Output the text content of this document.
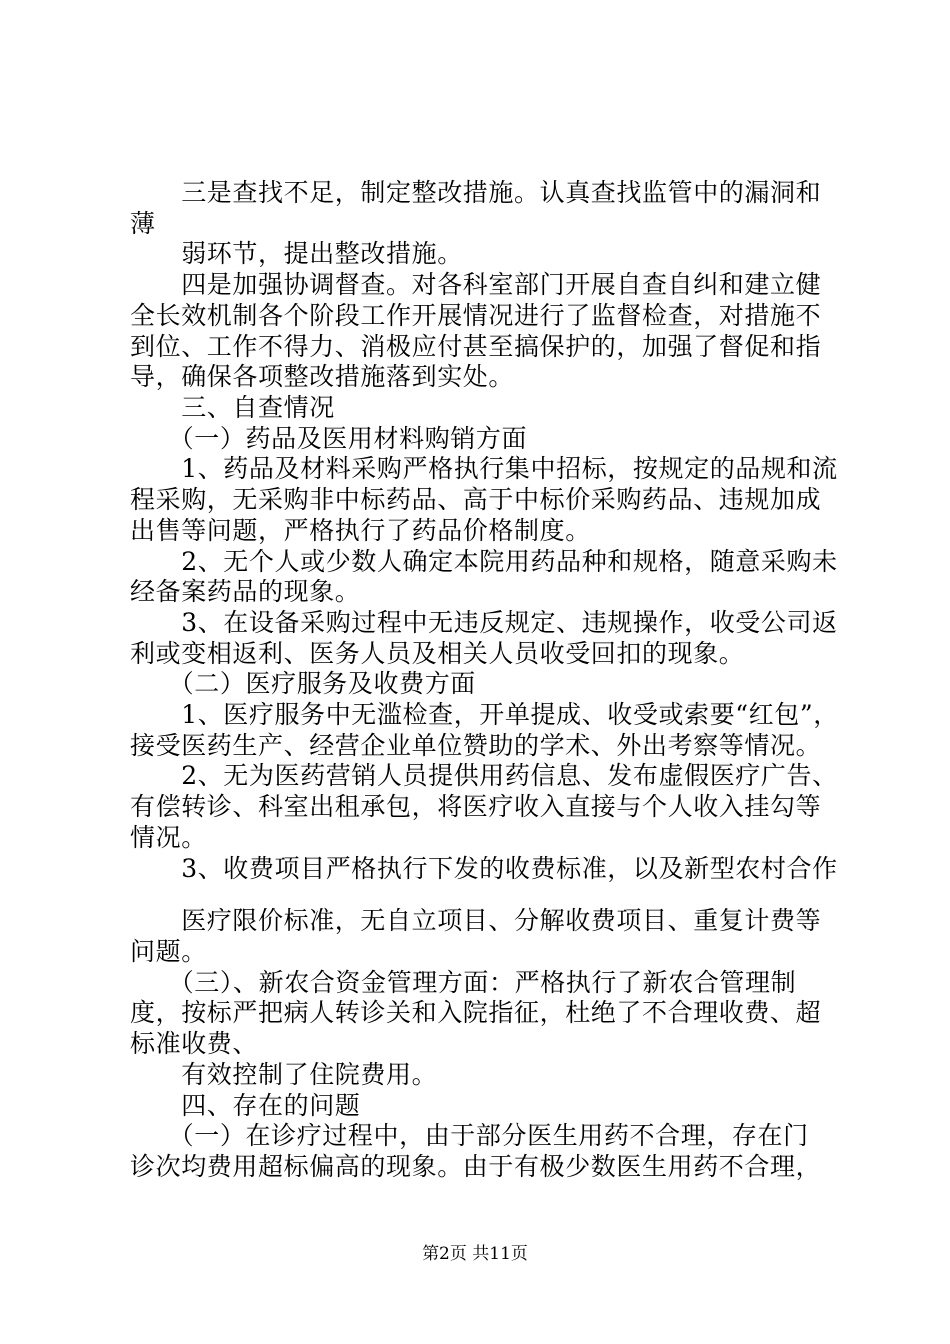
　　三是查找不足，制定整改措施。认真查找监管中的漏洞和
薄
　　弱环节，提出整改措施。
　　四是加强协调督查。对各科室部门开展自查自纠和建立健
全长效机制各个阶段工作开展情况进行了监督检查，对措施不
到位、工作不得力、消极应付甚至搞保护的，加强了督促和指
导，确保各项整改措施落到实处。
　　三、自查情况
　　（一）药品及医用材料购销方面
　　1、药品及材料采购严格执行集中招标，按规定的品规和流
程采购，无采购非中标药品、高于中标价采购药品、违规加成
出售等问题，严格执行了药品价格制度。
　　2、无个人或少数人确定本院用药品种和规格，随意采购未
经备案药品的现象。
　　3、在设备采购过程中无违反规定、违规操作，收受公司返
利或变相返利、医务人员及相关人员收受回扣的现象。
　　（二）医疗服务及收费方面
　　1、医疗服务中无滥检查，开单提成、收受或索要“红包”，
接受医药生产、经营企业单位赞助的学术、外出考察等情况。
　　2、无为医药营销人员提供用药信息、发布虚假医疗广告、
有偿转诊、科室出租承包，将医疗收入直接与个人收入挂勾等
情况。
　　3、收费项目严格执行下发的收费标准，以及新型农村合作
　　医疗限价标准，无自立项目、分解收费项目、重复计费等
问题。
　　（三）、新农合资金管理方面：严格执行了新农合管理制
度，按标严把病人转诊关和入院指征，杜绝了不合理收费、超
标准收费、
　　有效控制了住院费用。
　　四、存在的问题
　　（一）在诊疗过程中，由于部分医生用药不合理，存在门
诊次均费用超标偏高的现象。由于有极少数医生用药不合理，
第2页 共11页
